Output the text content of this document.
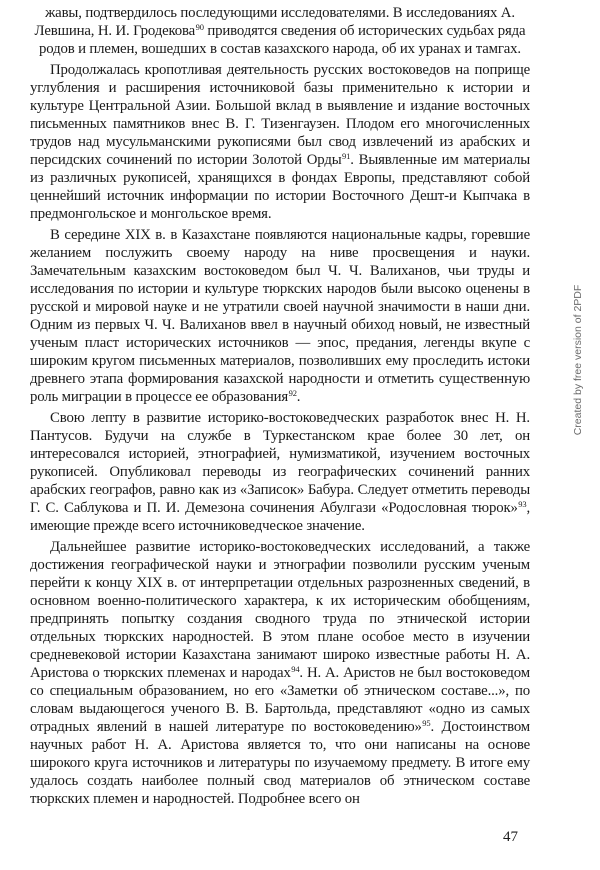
жавы, подтвердилось последующими исследователями. В исследованиях А. Левшина, Н. И. Гродекова$^{90}$ приводятся сведения об исторических судьбах ряда родов и племен, вошедших в состав казахского народа, об их уранах и тамгах.

Продолжалась кропотливая деятельность русских востоковедов на поприще углубления и расширения источниковой базы применительно к истории и культуре Центральной Азии. Большой вклад в выявление и издание восточных письменных памятников внес В. Г. Тизенгаузен. Плодом его многочисленных трудов над мусульманскими рукописями был свод извлечений из арабских и персидских сочинений по истории Золотой Орды$^{91}$. Выявленные им материалы из различных рукописей, хранящихся в фондах Европы, представляют собой ценнейший источник информации по истории Восточного Дешт-и Кыпчака в предмонгольское и монгольское время.

В середине XIX в. в Казахстане появляются национальные кадры, горевшие желанием послужить своему народу на ниве просвещения и науки. Замечательным казахским востоковедом был Ч. Ч. Валиханов, чьи труды и исследования по истории и культуре тюркских народов были высоко оценены в русской и мировой науке и не утратили своей научной значимости в наши дни. Одним из первых Ч. Ч. Валиханов ввел в научный обиход новый, не известный ученым пласт исторических источников — эпос, предания, легенды вкупе с широким кругом письменных материалов, позволивших ему проследить истоки древнего этапа формирования казахской народности и отметить существенную роль миграции в процессе ее образования$^{92}$.

Свою лепту в развитие историко-востоковедческих разработок внес Н. Н. Пантусов. Будучи на службе в Туркестанском крае более 30 лет, он интересовался историей, этнографией, нумизматикой, изучением восточных рукописей. Опубликовал переводы из географических сочинений ранних арабских географов, равно как из «Записок» Бабура. Следует отметить переводы Г. С. Саблукова и П. И. Демезона сочинения Абулгази «Родословная тюрок»$^{93}$, имеющие прежде всего источниковедческое значение.

Дальнейшее развитие историко-востоковедческих исследований, а также достижения географической науки и этнографии позволили русским ученым перейти к концу XIX в. от интерпретации отдельных разрозненных сведений, в основном военно-политического характера, к их историческим обобщениям, предпринять попытку создания сводного труда по этнической истории отдельных тюркских народностей. В этом плане особое место в изучении средневековой истории Казахстана занимают широко известные работы Н. А. Аристова о тюркских племенах и народах$^{94}$. Н. А. Аристов не был востоковедом со специальным образованием, но его «Заметки об этническом составе...», по словам выдающегося ученого В. В. Бартольда, представляют «одно из самых отрадных явлений в нашей литературе по востоковедению»$^{95}$. Достоинством научных работ Н. А. Аристова является то, что они написаны на основе широкого круга источников и литературы по изучаемому предмету. В итоге ему удалось создать наиболее полный свод материалов об этническом составе тюркских племен и народностей. Подробнее всего он

47
Created by free version of 2PDF
